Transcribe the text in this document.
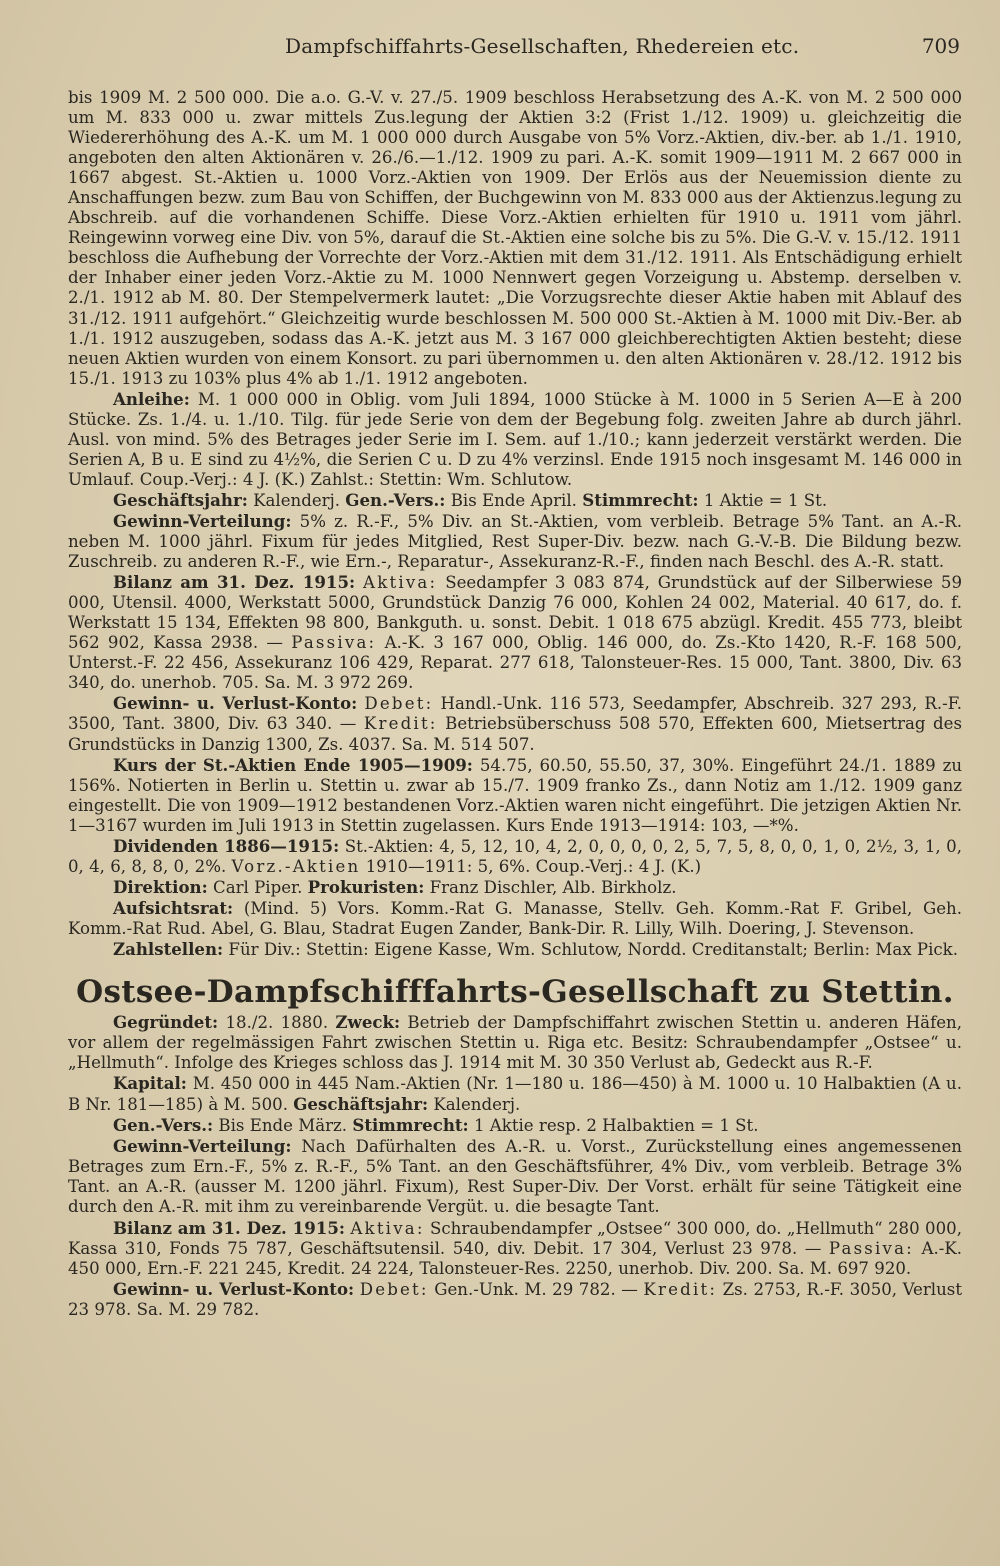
Dampfschiffahrts-Gesellschaften, Rhedereien etc.	709

bis 1909 M. 2 500 000. Die a.o. G.-V. v. 27./5. 1909 beschloss Herabsetzung des A.-K. von M. 2 500 000 um M. 833 000 u. zwar mittels Zus.legung der Aktien 3:2 (Frist 1./12. 1909) u. gleichzeitig die Wiedererhöhung des A.-K. um M. 1 000 000 durch Ausgabe von 5% Vorz.-Aktien, div.-ber. ab 1./1. 1910, angeboten den alten Aktionären v. 26./6.—1./12. 1909 zu pari. A.-K. somit 1909—1911 M. 2 667 000 in 1667 abgest. St.-Aktien u. 1000 Vorz.-Aktien von 1909. Der Erlös aus der Neuemission diente zu Anschaffungen bezw. zum Bau von Schiffen, der Buchgewinn von M. 833 000 aus der Aktienzus.legung zu Abschreib. auf die vorhandenen Schiffe. Diese Vorz.-Aktien erhielten für 1910 u. 1911 vom jährl. Reingewinn vorweg eine Div. von 5%, darauf die St.-Aktien eine solche bis zu 5%. Die G.-V. v. 15./12. 1911 beschloss die Aufhebung der Vorrechte der Vorz.-Aktien mit dem 31./12. 1911. Als Entschädigung erhielt der Inhaber einer jeden Vorz.-Aktie zu M. 1000 Nennwert gegen Vorzeigung u. Abstemp. derselben v. 2./1. 1912 ab M. 80. Der Stempelvermerk lautet: „Die Vorzugsrechte dieser Aktie haben mit Ablauf des 31./12. 1911 aufgehört.“ Gleichzeitig wurde beschlossen M. 500 000 St.-Aktien à M. 1000 mit Div.-Ber. ab 1./1. 1912 auszugeben, sodass das A.-K. jetzt aus M. 3 167 000 gleichberechtigten Aktien besteht; diese neuen Aktien wurden von einem Konsort. zu pari übernommen u. den alten Aktionären v. 28./12. 1912 bis 15./1. 1913 zu 103% plus 4% ab 1./1. 1912 angeboten.

Anleihe: M. 1 000 000 in Oblig. vom Juli 1894, 1000 Stücke à M. 1000 in 5 Serien A—E à 200 Stücke. Zs. 1./4. u. 1./10. Tilg. für jede Serie von dem der Begebung folg. zweiten Jahre ab durch jährl. Ausl. von mind. 5% des Betrages jeder Serie im I. Sem. auf 1./10.; kann jederzeit verstärkt werden. Die Serien A, B u. E sind zu 4½%, die Serien C u. D zu 4% verzinsl. Ende 1915 noch insgesamt M. 146 000 in Umlauf. Coup.-Verj.: 4 J. (K.) Zahlst.: Stettin: Wm. Schlutow.

Geschäftsjahr: Kalenderj. Gen.-Vers.: Bis Ende April. Stimmrecht: 1 Aktie = 1 St.

Gewinn-Verteilung: 5% z. R.-F., 5% Div. an St.-Aktien, vom verbleib. Betrage 5% Tant. an A.-R. neben M. 1000 jährl. Fixum für jedes Mitglied, Rest Super-Div. bezw. nach G.-V.-B. Die Bildung bezw. Zuschreib. zu anderen R.-F., wie Ern.-, Reparatur-, Assekuranz-R.-F., finden nach Beschl. des A.-R. statt.

Bilanz am 31. Dez. 1915: Aktiva: Seedampfer 3 083 874, Grundstück auf der Silberwiese 59 000, Utensil. 4000, Werkstatt 5000, Grundstück Danzig 76 000, Kohlen 24 002, Material. 40 617, do. f. Werkstatt 15 134, Effekten 98 800, Bankguth. u. sonst. Debit. 1 018 675 abzügl. Kredit. 455 773, bleibt 562 902, Kassa 2938. — Passiva: A.-K. 3 167 000, Oblig. 146 000, do. Zs.-Kto 1420, R.-F. 168 500, Unterst.-F. 22 456, Assekuranz 106 429, Reparat. 277 618, Talonsteuer-Res. 15 000, Tant. 3800, Div. 63 340, do. unerhob. 705. Sa. M. 3 972 269.

Gewinn- u. Verlust-Konto: Debet: Handl.-Unk. 116 573, Seedampfer, Abschreib. 327 293, R.-F. 3500, Tant. 3800, Div. 63 340. — Kredit: Betriebsüberschuss 508 570, Effekten 600, Mietsertrag des Grundstücks in Danzig 1300, Zs. 4037. Sa. M. 514 507.

Kurs der St.-Aktien Ende 1905—1909: 54.75, 60.50, 55.50, 37, 30%. Eingeführt 24./1. 1889 zu 156%. Notierten in Berlin u. Stettin u. zwar ab 15./7. 1909 franko Zs., dann Notiz am 1./12. 1909 ganz eingestellt. Die von 1909—1912 bestandenen Vorz.-Aktien waren nicht eingeführt. Die jetzigen Aktien Nr. 1—3167 wurden im Juli 1913 in Stettin zugelassen. Kurs Ende 1913—1914: 103, —*%.

Dividenden 1886—1915: St.-Aktien: 4, 5, 12, 10, 4, 2, 0, 0, 0, 0, 2, 5, 7, 5, 8, 0, 0, 1, 0, 2½, 3, 1, 0, 0, 4, 6, 8, 8, 0, 2%. Vorz.-Aktien 1910—1911: 5, 6%. Coup.-Verj.: 4 J. (K.)

Direktion: Carl Piper. Prokuristen: Franz Dischler, Alb. Birkholz.

Aufsichtsrat: (Mind. 5) Vors. Komm.-Rat G. Manasse, Stellv. Geh. Komm.-Rat F. Gribel, Geh. Komm.-Rat Rud. Abel, G. Blau, Stadrat Eugen Zander, Bank-Dir. R. Lilly, Wilh. Doering, J. Stevenson.

Zahlstellen: Für Div.: Stettin: Eigene Kasse, Wm. Schlutow, Nordd. Creditanstalt; Berlin: Max Pick.

Ostsee-Dampfschifffahrts-Gesellschaft zu Stettin.

Gegründet: 18./2. 1880. Zweck: Betrieb der Dampfschiffahrt zwischen Stettin u. anderen Häfen, vor allem der regelmässigen Fahrt zwischen Stettin u. Riga etc. Besitz: Schraubendampfer „Ostsee“ u. „Hellmuth“. Infolge des Krieges schloss das J. 1914 mit M. 30 350 Verlust ab, Gedeckt aus R.-F.

Kapital: M. 450 000 in 445 Nam.-Aktien (Nr. 1—180 u. 186—450) à M. 1000 u. 10 Halbaktien (A u. B Nr. 181—185) à M. 500. Geschäftsjahr: Kalenderj.

Gen.-Vers.: Bis Ende März. Stimmrecht: 1 Aktie resp. 2 Halbaktien = 1 St.

Gewinn-Verteilung: Nach Dafürhalten des A.-R. u. Vorst., Zurückstellung eines angemessenen Betrages zum Ern.-F., 5% z. R.-F., 5% Tant. an den Geschäftsführer, 4% Div., vom verbleib. Betrage 3% Tant. an A.-R. (ausser M. 1200 jährl. Fixum), Rest Super-Div. Der Vorst. erhält für seine Tätigkeit eine durch den A.-R. mit ihm zu vereinbarende Vergüt. u. die besagte Tant.

Bilanz am 31. Dez. 1915: Aktiva: Schraubendampfer „Ostsee“ 300 000, do. „Hellmuth“ 280 000, Kassa 310, Fonds 75 787, Geschäftsutensil. 540, div. Debit. 17 304, Verlust 23 978. — Passiva: A.-K. 450 000, Ern.-F. 221 245, Kredit. 24 224, Talonsteuer-Res. 2250, unerhob. Div. 200. Sa. M. 697 920.

Gewinn- u. Verlust-Konto: Debet: Gen.-Unk. M. 29 782. — Kredit: Zs. 2753, R.-F. 3050, Verlust 23 978. Sa. M. 29 782.
